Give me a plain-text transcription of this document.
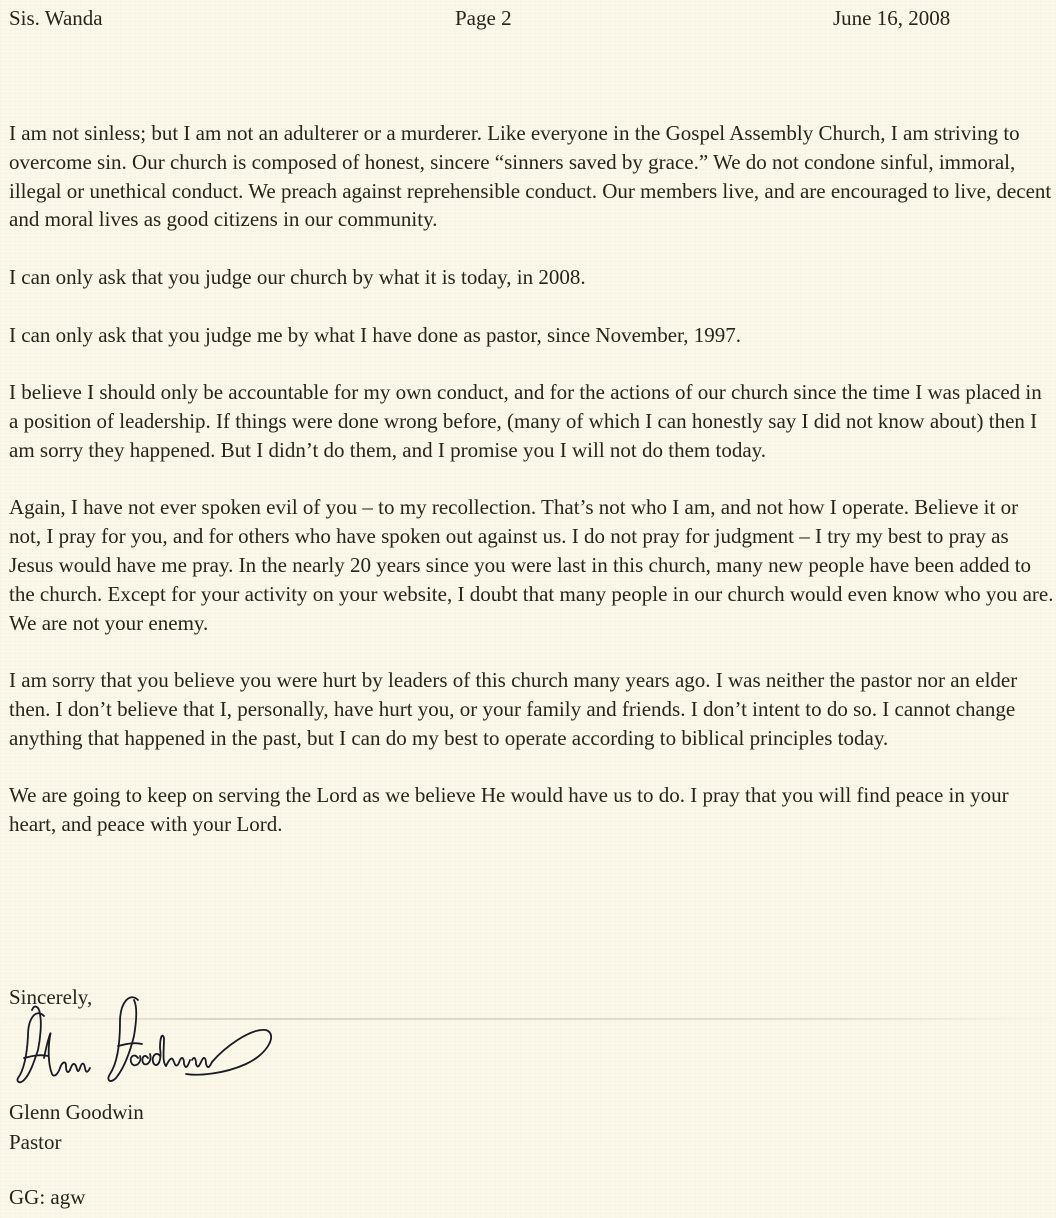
Sis. Wanda	Page 2	June 16, 2008

I am not sinless; but I am not an adulterer or a murderer. Like everyone in the Gospel Assembly Church, I am striving to overcome sin. Our church is composed of honest, sincere “sinners saved by grace.” We do not condone sinful, immoral, illegal or unethical conduct. We preach against reprehensible conduct. Our members live, and are encouraged to live, decent and moral lives as good citizens in our community.

I can only ask that you judge our church by what it is today, in 2008.

I can only ask that you judge me by what I have done as pastor, since November, 1997.

I believe I should only be accountable for my own conduct, and for the actions of our church since the time I was placed in a position of leadership. If things were done wrong before, (many of which I can honestly say I did not know about) then I am sorry they happened. But I didn’t do them, and I promise you I will not do them today.

Again, I have not ever spoken evil of you – to my recollection. That’s not who I am, and not how I operate. Believe it or not, I pray for you, and for others who have spoken out against us. I do not pray for judgment – I try my best to pray as Jesus would have me pray. In the nearly 20 years since you were last in this church, many new people have been added to the church. Except for your activity on your website, I doubt that many people in our church would even know who you are. We are not your enemy.

I am sorry that you believe you were hurt by leaders of this church many years ago. I was neither the pastor nor an elder then. I don’t believe that I, personally, have hurt you, or your family and friends. I don’t intent to do so. I cannot change anything that happened in the past, but I can do my best to operate according to biblical principles today.

We are going to keep on serving the Lord as we believe He would have us to do. I pray that you will find peace in your heart, and peace with your Lord.

Sincerely,
Glenn Goodwin
Pastor
GG: agw
